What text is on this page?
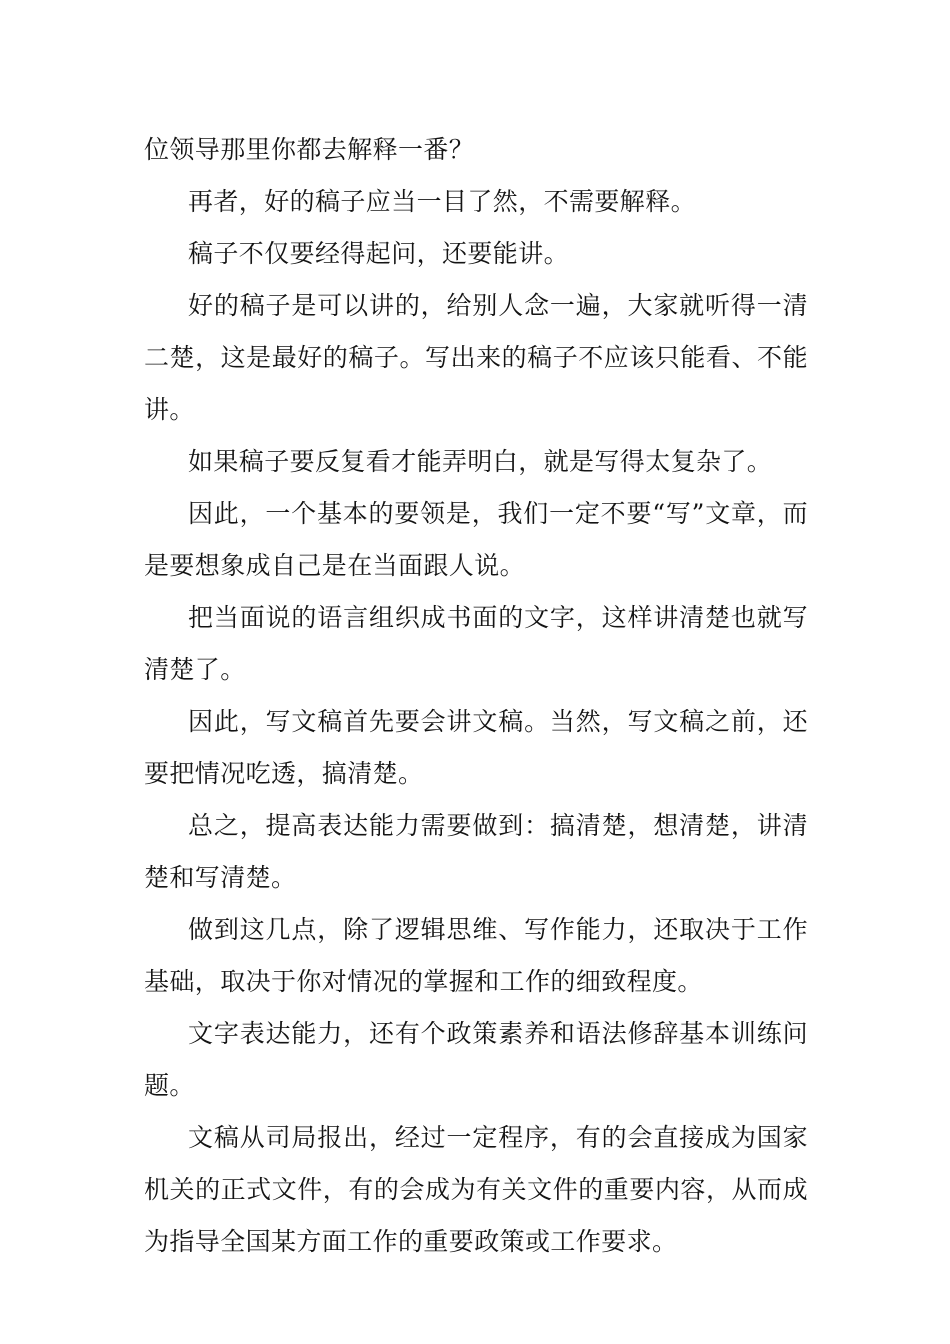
位领导那里你都去解释一番？

再者，好的稿子应当一目了然，不需要解释。

稿子不仅要经得起问，还要能讲。

好的稿子是可以讲的，给别人念一遍，大家就听得一清二楚，这是最好的稿子。写出来的稿子不应该只能看、不能讲。

如果稿子要反复看才能弄明白，就是写得太复杂了。

因此，一个基本的要领是，我们一定不要“写”文章，而是要想象成自己是在当面跟人说。

把当面说的语言组织成书面的文字，这样讲清楚也就写清楚了。

因此，写文稿首先要会讲文稿。当然，写文稿之前，还要把情况吃透，搞清楚。

总之，提高表达能力需要做到：搞清楚，想清楚，讲清楚和写清楚。

做到这几点，除了逻辑思维、写作能力，还取决于工作基础，取决于你对情况的掌握和工作的细致程度。

文字表达能力，还有个政策素养和语法修辞基本训练问题。

文稿从司局报出，经过一定程序，有的会直接成为国家机关的正式文件，有的会成为有关文件的重要内容，从而成为指导全国某方面工作的重要政策或工作要求。
